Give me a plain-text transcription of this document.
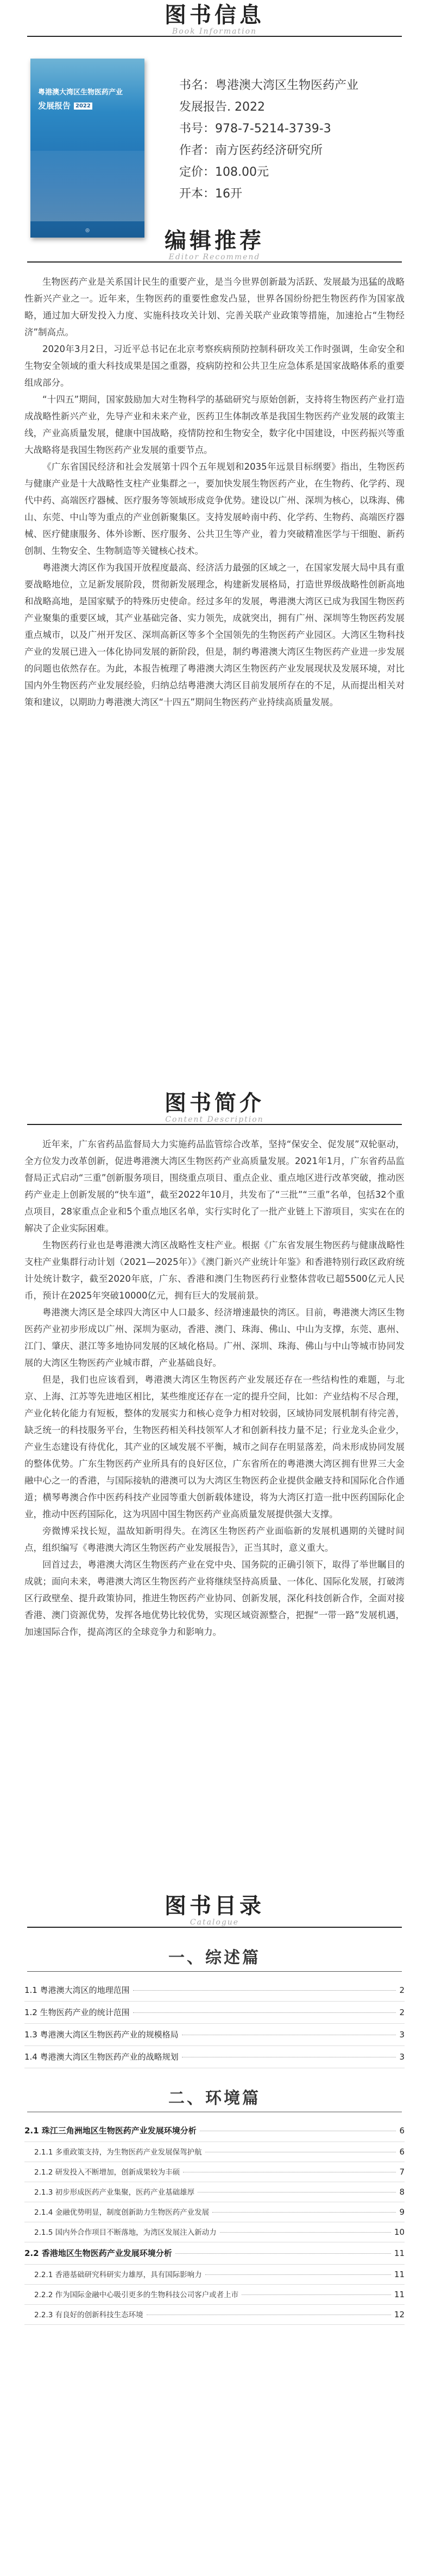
图书信息
Book Information
粤港澳大湾区生物医药产业
发展报告 2022
◎
书名：粤港澳大湾区生物医药产业
发展报告. 2022
书号：978-7-5214-3739-3
作者：南方医药经济研究所
定价：108.00元
开本：16开
编辑推荐
Editor Recommend

生物医药产业是关系国计民生的重要产业，是当今世界创新最为活跃、发展最为迅猛的战略性新兴产业之一。近年来，生物医药的重要性愈发凸显，世界各国纷纷把生物医药作为国家战略，通过加大研发投入力度、实施科技攻关计划、完善关联产业政策等措施，加速抢占“生物经济”制高点。

2020年3月2日，习近平总书记在北京考察疾病预防控制科研攻关工作时强调，生命安全和生物安全领域的重大科技成果是国之重器，疫病防控和公共卫生应急体系是国家战略体系的重要组成部分。

“十四五”期间，国家鼓励加大对生物科学的基础研究与原始创新，支持将生物医药产业打造成战略性新兴产业，先导产业和未来产业，医药卫生体制改革是我国生物医药产业发展的政策主线，产业高质量发展，健康中国战略，疫情防控和生物安全，数字化中国建设，中医药振兴等重大战略将是我国生物医药产业发展的重要节点。

《广东省国民经济和社会发展第十四个五年规划和2035年远景目标纲要》指出，生物医药与健康产业是十大战略性支柱产业集群之一，要加快发展生物医药产业，在生物药、化学药、现代中药、高端医疗器械、医疗服务等领域形成竞争优势。建设以广州、深圳为核心，以珠海、佛山、东莞、中山等为重点的产业创新聚集区。支持发展岭南中药、化学药、生物药、高端医疗器械、医疗健康服务、体外诊断、医疗服务、公共卫生等产业，着力突破精准医学与干细胞、新药创制、生物安全、生物制造等关键核心技术。

粤港澳大湾区作为我国开放程度最高、经济活力最强的区域之一，在国家发展大局中具有重要战略地位，立足新发展阶段，贯彻新发展理念，构建新发展格局，打造世界级战略性创新高地和战略高地，是国家赋予的特殊历史使命。经过多年的发展，粤港澳大湾区已成为我国生物医药产业聚集的重要区域，其产业基础完备、实力领先，成就突出，拥有广州、深圳等生物医药发展重点城市，以及广州开发区、深圳高新区等多个全国领先的生物医药产业园区。大湾区生物科技产业的发展已进入一体化协同发展的新阶段，但是，制约粤港澳大湾区生物医药产业进一步发展的问题也依然存在。为此，本报告梳理了粤港澳大湾区生物医药产业发展现状及发展环境，对比国内外生物医药产业发展经验，归纳总结粤港澳大湾区目前发展所存在的不足，从而提出相关对策和建议，以期助力粤港澳大湾区“十四五”期间生物医药产业持续高质量发展。

图书简介
Content Description

近年来，广东省药品监督局大力实施药品监管综合改革，坚持“保安全、促发展”双轮驱动，全方位发力改革创新，促进粤港澳大湾区生物医药产业高质量发展。2021年1月，广东省药品监督局正式启动“三重”创新服务项目，围绕重点项目、重点企业、重点地区进行改革突破，推动医药产业走上创新发展的“快车道”，截至2022年10月，共发布了“三批”“三重”名单，包括32个重点项目，28家重点企业和5个重点地区名单，实行实时化了一批产业链上下游项目，实实在在的解决了企业实际困难。

生物医药行业也是粤港澳大湾区战略性支柱产业。根据《广东省发展生物医药与健康战略性支柱产业集群行动计划（2021—2025年）》《澳门新兴产业统计年鉴》和香港特别行政区政府统计处统计数字，截至2020年底，广东、香港和澳门生物医药行业整体营收已超5500亿元人民币，预计在2025年突破10000亿元，拥有巨大的发展前景。

粤港澳大湾区是全球四大湾区中人口最多、经济增速最快的湾区。目前，粤港澳大湾区生物医药产业初步形成以广州、深圳为驱动，香港、澳门、珠海、佛山、中山为支撑，东莞、惠州、江门、肇庆、湛江等多地协同发展的区域化格局。广州、深圳、珠海、佛山与中山等城市协同发展的大湾区生物医药产业城市群，产业基础良好。

但是，我们也应该看到，粤港澳大湾区生物医药产业发展还存在一些结构性的难题，与北京、上海、江苏等先进地区相比，某些维度还存在一定的提升空间，比如：产业结构不尽合理，产业化转化能力有短板，整体的发展实力和核心竞争力相对较弱，区域协同发展机制有待完善，缺乏统一的科技服务平台，生物医药相关科技领军人才和创新科技力量不足；行业龙头企业少，产业生态建设有待优化，其产业的区域发展不平衡，城市之间存在明显落差，尚未形成协同发展的整体优势。广东生物医药产业所具有的良好区位，广东省所在的粤港澳大湾区拥有世界三大金融中心之一的香港，与国际接轨的港澳可以为大湾区生物医药企业提供金融支持和国际化合作通道；横琴粤澳合作中医药科技产业园等重大创新载体建设，将为大湾区打造一批中医药国际化企业，推动中医药国际化，这为巩固中国生物医药产业高质量发展提供强大支撑。

旁微博采找长短，温故知新明得失。在湾区生物医药产业面临新的发展机遇期的关键时间点，组织编写《粤港澳大湾区生物医药产业发展报告》，正当其时，意义重大。

回首过去，粤港澳大湾区生物医药产业在党中央、国务院的正确引领下，取得了举世瞩目的成就；面向未来，粤港澳大湾区生物医药产业将继续坚持高质量、一体化、国际化发展，打破湾区行政壁垒、提升政策协同，推进生物医药产业协同、创新发展，深化科技创新合作，全面对接香港、澳门资源优势，发挥各地优势比较优势，实现区域资源整合，把握“一带一路”发展机遇，加速国际合作，提高湾区的全球竞争力和影响力。

图书目录
Catalogue
一、综述篇
1.1 粤港澳大湾区的地理范围	2
1.2 生物医药产业的统计范围	2
1.3 粤港澳大湾区生物医药产业的规模格局	3
1.4 粤港澳大湾区生物医药产业的战略规划	3
二、环境篇
2.1 珠江三角洲地区生物医药产业发展环境分析	6
2.1.1 多重政策支持，为生物医药产业发展保驾护航	6
2.1.2 研发投入不断增加，创新成果较为丰硕	7
2.1.3 初步形成医药产业集聚，医药产业基础雄厚	8
2.1.4 金融优势明显，制度创新助力生物医药产业发展	9
2.1.5 国内外合作项目不断落地，为湾区发展注入新动力	10
2.2 香港地区生物医药产业发展环境分析	11
2.2.1 香港基础研究科研实力雄厚，具有国际影响力	11
2.2.2 作为国际金融中心吸引更多的生物科技公司客户或者上市	11
2.2.3 有良好的创新科技生态环境	12
